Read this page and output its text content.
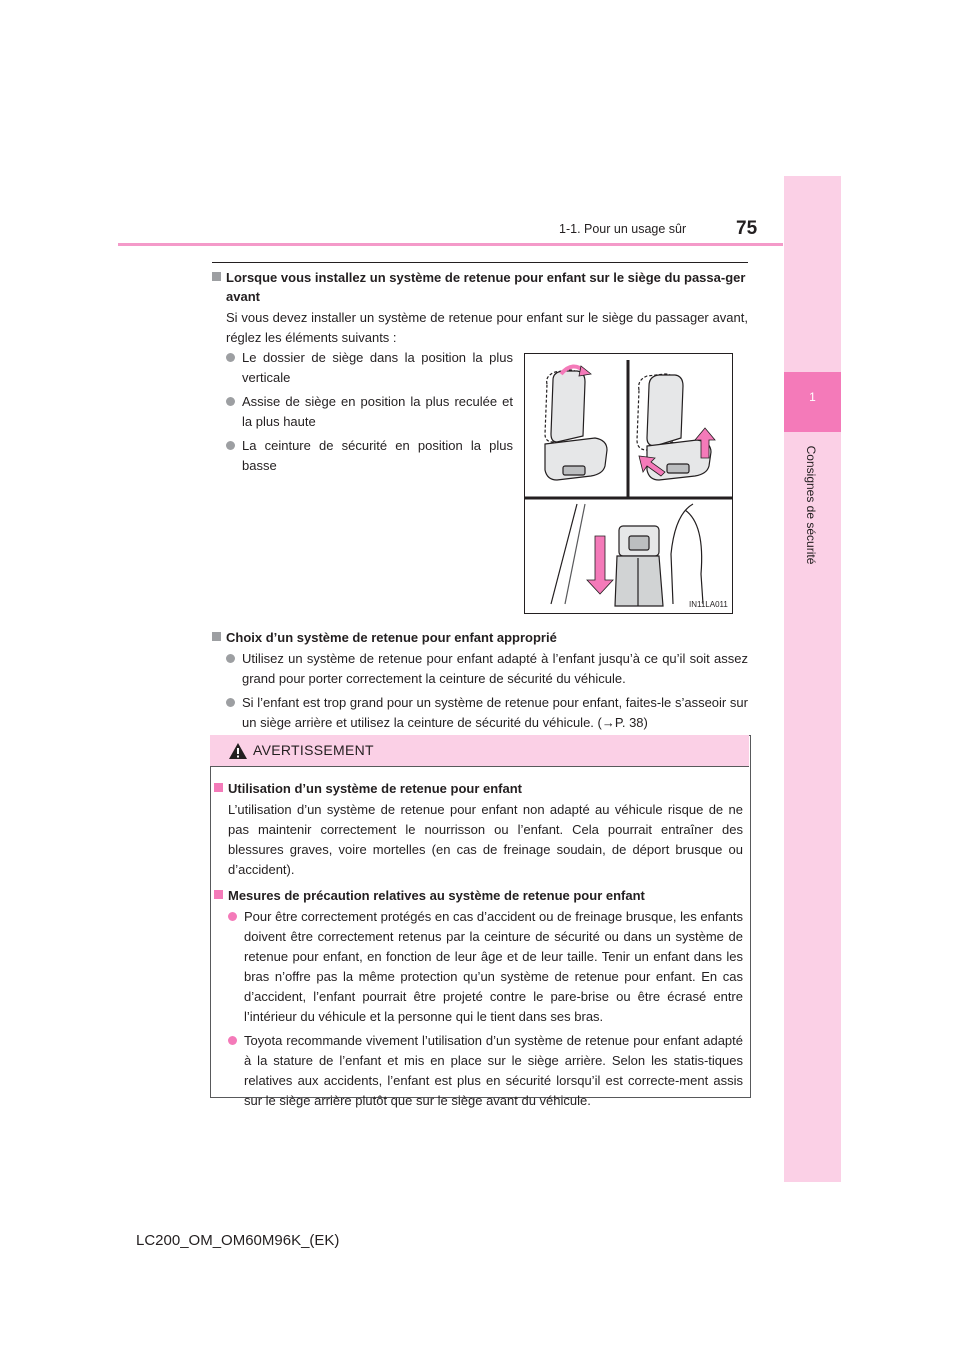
1
Consignes de sécurité
1-1. Pour un usage sûr	75
Lorsque vous installez un système de retenue pour enfant sur le siège du passa-ger avant
Si vous devez installer un système de retenue pour enfant sur le siège du passager avant, réglez les éléments suivants :
Le dossier de siège dans la position la plus verticale
Assise de siège en position la plus reculée et la plus haute
La ceinture de sécurité en position la plus basse
IN11LA011
Choix d’un système de retenue pour enfant approprié
Utilisez un système de retenue pour enfant adapté à l’enfant jusqu’à ce qu’il soit assez grand pour porter correctement la ceinture de sécurité du véhicule.
Si l’enfant est trop grand pour un système de retenue pour enfant, faites-le s’asseoir sur un siège arrière et utilisez la ceinture de sécurité du véhicule. (→P. 38)
AVERTISSEMENT
Utilisation d’un système de retenue pour enfant
L’utilisation d’un système de retenue pour enfant non adapté au véhicule risque de ne pas maintenir correctement le nourrisson ou l’enfant. Cela pourrait entraîner des blessures graves, voire mortelles (en cas de freinage soudain, de déport brusque ou d’accident).
Mesures de précaution relatives au système de retenue pour enfant
Pour être correctement protégés en cas d’accident ou de freinage brusque, les enfants doivent être correctement retenus par la ceinture de sécurité ou dans un système de retenue pour enfant, en fonction de leur âge et de leur taille. Tenir un enfant dans les bras n’offre pas la même protection qu’un système de retenue pour enfant. En cas d’accident, l’enfant pourrait être projeté contre le pare-brise ou être écrasé entre l’intérieur du véhicule et la personne qui le tient dans ses bras.
Toyota recommande vivement l’utilisation d’un système de retenue pour enfant adapté à la stature de l’enfant et mis en place sur le siège arrière. Selon les statis-tiques relatives aux accidents, l’enfant est plus en sécurité lorsqu’il est correcte-ment assis sur le siège arrière plutôt que sur le siège avant du véhicule.
LC200_OM_OM60M96K_(EK)
